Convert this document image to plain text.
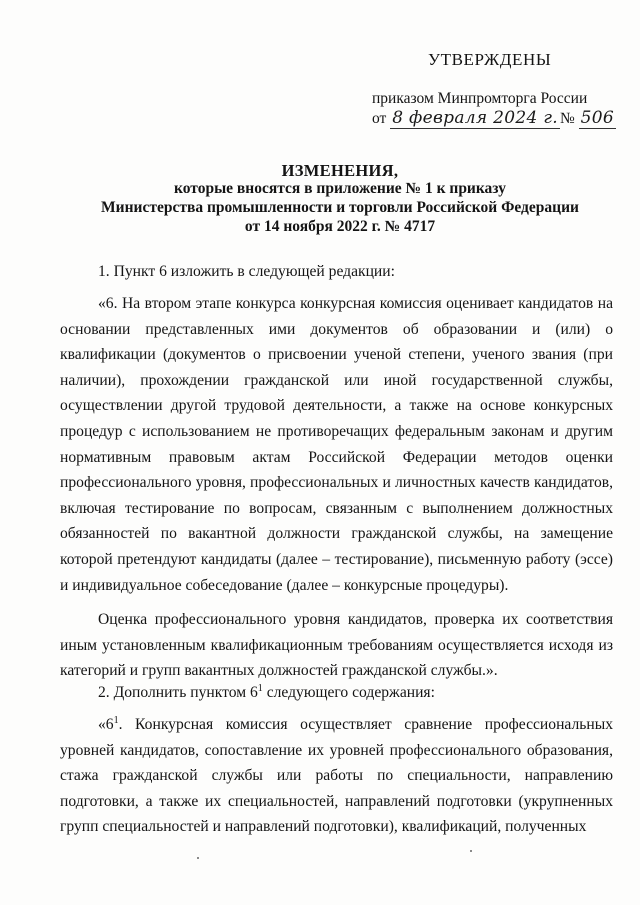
УТВЕРЖДЕНЫ
приказом Минпромторга России
от 8 февраля 2024 г. № 506
ИЗМЕНЕНИЯ,
которые вносятся в приложение № 1 к приказу
Министерства промышленности и торговли Российской Федерации
от 14 ноября 2022 г. № 4717

1. Пункт 6 изложить в следующей редакции:

«6. На втором этапе конкурса конкурсная комиссия оценивает кандидатов на основании представленных ими документов об образовании и (или) о квалификации (документов о присвоении ученой степени, ученого звания (при наличии), прохождении гражданской или иной государственной службы, осуществлении другой трудовой деятельности, а также на основе конкурсных процедур с использованием не противоречащих федеральным законам и другим нормативным правовым актам Российской Федерации методов оценки профессионального уровня, профессиональных и личностных качеств кандидатов, включая тестирование по вопросам, связанным с выполнением должностных обязанностей по вакантной должности гражданской службы, на замещение которой претендуют кандидаты (далее – тестирование), письменную работу (эссе) и индивидуальное собеседование (далее – конкурсные процедуры).

Оценка профессионального уровня кандидатов, проверка их соответствия иным установленным квалификационным требованиям осуществляется исходя из категорий и групп вакантных должностей гражданской службы.».

2. Дополнить пунктом $6^1$ следующего содержания:

«$6^1$. Конкурсная комиссия осуществляет сравнение профессиональных уровней кандидатов, сопоставление их уровней профессионального образования, стажа гражданской службы или работы по специальности, направлению подготовки, а также их специальностей, направлений подготовки (укрупненных групп специальностей и направлений подготовки), квалификаций, полученных
